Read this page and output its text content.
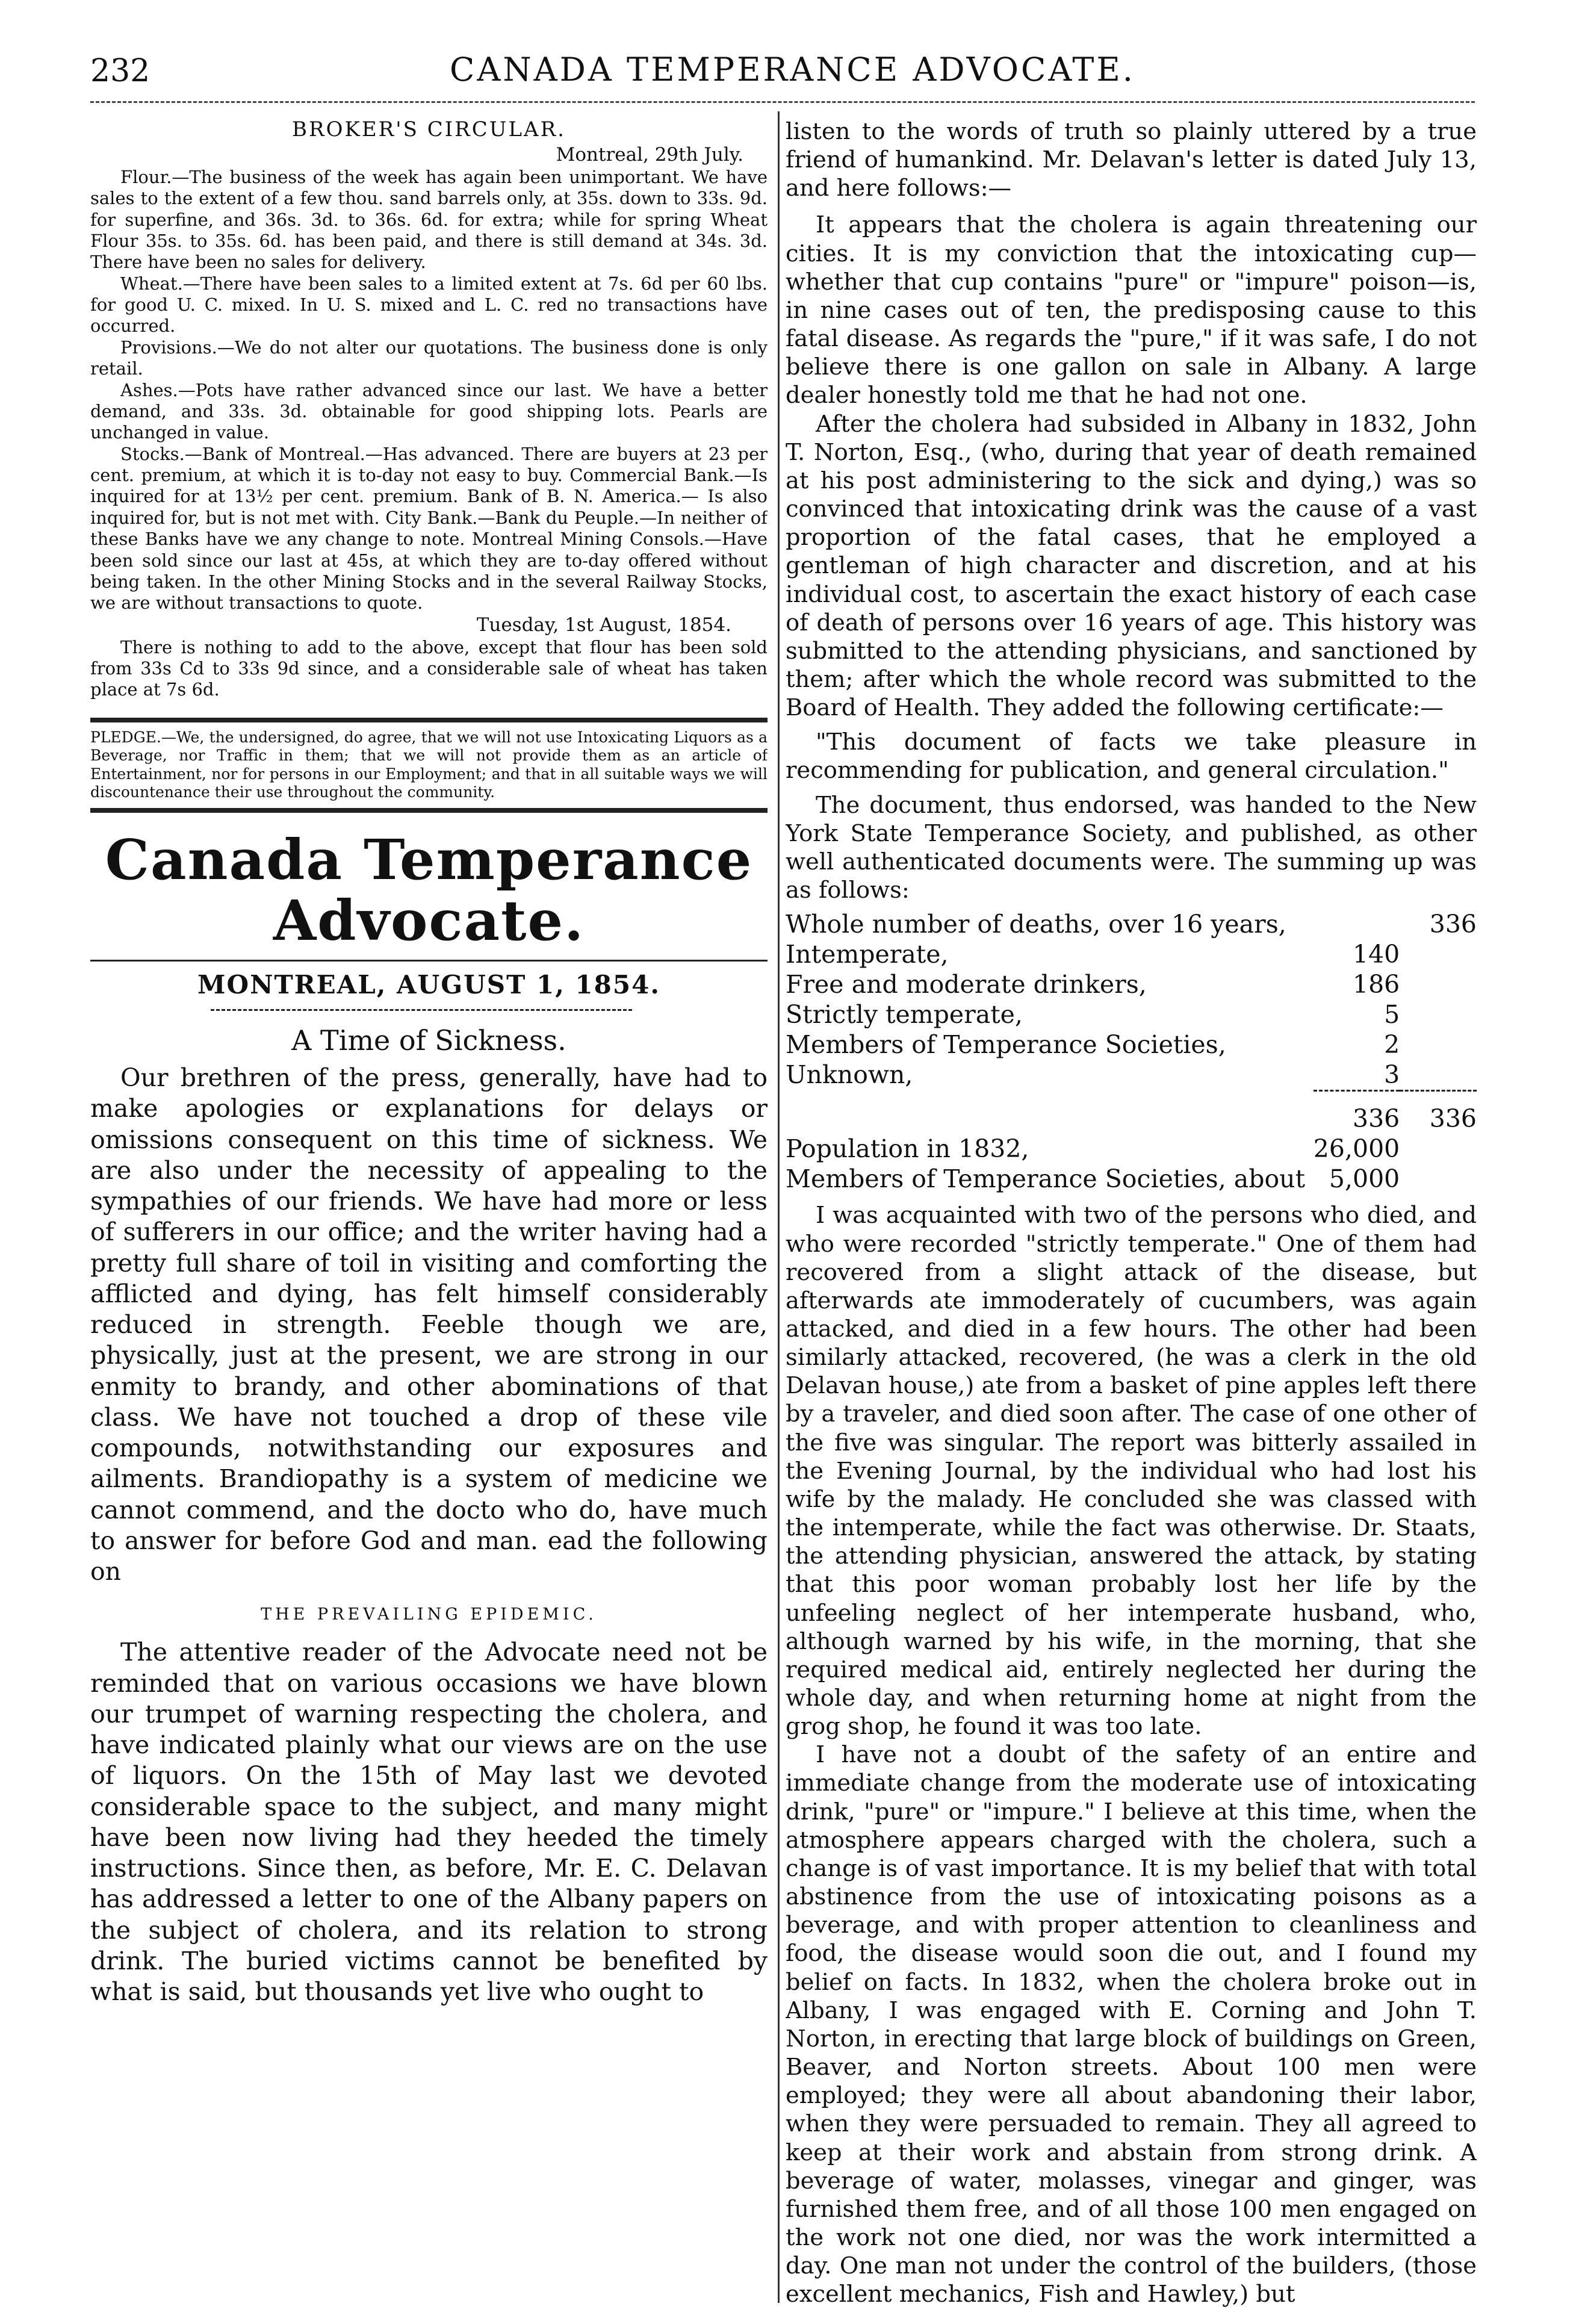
232	CANADA TEMPERANCE ADVOCATE.

BROKER'S CIRCULAR.

Montreal, 29th July.

Flour.—The business of the week has again been unimportant. We have sales to the extent of a few thou. sand barrels only, at 35s. down to 33s. 9d. for superfine, and 36s. 3d. to 36s. 6d. for extra; while for spring Wheat Flour 35s. to 35s. 6d. has been paid, and there is still demand at 34s. 3d. There have been no sales for delivery.

Wheat.—There have been sales to a limited extent at 7s. 6d per 60 lbs. for good U. C. mixed. In U. S. mixed and L. C. red no transactions have occurred.

Provisions.—We do not alter our quotations. The business done is only retail.

Ashes.—Pots have rather advanced since our last. We have a better demand, and 33s. 3d. obtainable for good shipping lots. Pearls are unchanged in value.

Stocks.—Bank of Montreal.—Has advanced. There are buyers at 23 per cent. premium, at which it is to-day not easy to buy. Commercial Bank.—Is inquired for at 13½ per cent. premium. Bank of B. N. America.— Is also inquired for, but is not met with. City Bank.—Bank du Peuple.—In neither of these Banks have we any change to note. Montreal Mining Consols.—Have been sold since our last at 45s, at which they are to-day offered without being taken. In the other Mining Stocks and in the several Railway Stocks, we are without transactions to quote.

Tuesday, 1st August, 1854.

There is nothing to add to the above, except that flour has been sold from 33s Cd to 33s 9d since, and a considerable sale of wheat has taken place at 7s 6d.

PLEDGE.—We, the undersigned, do agree, that we will not use Intoxicating Liquors as a Beverage, nor Traffic in them; that we will not provide them as an article of Entertainment, nor for persons in our Employment; and that in all suitable ways we will discountenance their use throughout the community.

Canada Temperance Advocate.

MONTREAL, AUGUST 1, 1854.

A Time of Sickness.

Our brethren of the press, generally, have had to make apologies or explanations for delays or omissions consequent on this time of sickness. We are also under the necessity of appealing to the sympathies of our friends. We have had more or less of sufferers in our office; and the writer having had a pretty full share of toil in visiting and comforting the afflicted and dying, has felt himself considerably reduced in strength. Feeble though we are, physically, just at the present, we are strong in our enmity to brandy, and other abominations of that class. We have not touched a drop of these vile compounds, notwithstanding our exposures and ailments. Brandiopathy is a system of medicine we cannot commend, and the docto who do, have much to answer for before God and man. ead the following on

THE PREVAILING EPIDEMIC.

The attentive reader of the Advocate need not be reminded that on various occasions we have blown our trumpet of warning respecting the cholera, and have indicated plainly what our views are on the use of liquors. On the 15th of May last we devoted considerable space to the subject, and many might have been now living had they heeded the timely instructions. Since then, as before, Mr. E. C. Delavan has addressed a letter to one of the Albany papers on the subject of cholera, and its relation to strong drink. The buried victims cannot be benefited by what is said, but thousands yet live who ought to

listen to the words of truth so plainly uttered by a true friend of humankind. Mr. Delavan's letter is dated July 13, and here follows:—

It appears that the cholera is again threatening our cities. It is my conviction that the intoxicating cup—whether that cup contains "pure" or "impure" poison—is, in nine cases out of ten, the predisposing cause to this fatal disease. As regards the "pure," if it was safe, I do not believe there is one gallon on sale in Albany. A large dealer honestly told me that he had not one.

After the cholera had subsided in Albany in 1832, John T. Norton, Esq., (who, during that year of death remained at his post administering to the sick and dying,) was so convinced that intoxicating drink was the cause of a vast proportion of the fatal cases, that he employed a gentleman of high character and discretion, and at his individual cost, to ascertain the exact history of each case of death of persons over 16 years of age. This history was submitted to the attending physicians, and sanctioned by them; after which the whole record was submitted to the Board of Health. They added the following certificate:—

"This document of facts we take pleasure in recommending for publication, and general circulation."

The document, thus endorsed, was handed to the New York State Temperance Society, and published, as other well authenticated documents were. The summing up was as follows:

Whole number of deaths, over 16 years,		336
Intemperate,	140	
Free and moderate drinkers,	186	
Strictly temperate,	5	
Members of Temperance Societies,	2	
Unknown,	3	
	336	336
Population in 1832,	26,000	
Members of Temperance Societies, about	5,000	

I was acquainted with two of the persons who died, and who were recorded "strictly temperate." One of them had recovered from a slight attack of the disease, but afterwards ate immoderately of cucumbers, was again attacked, and died in a few hours. The other had been similarly attacked, recovered, (he was a clerk in the old Delavan house,) ate from a basket of pine apples left there by a traveler, and died soon after. The case of one other of the five was singular. The report was bitterly assailed in the Evening Journal, by the individual who had lost his wife by the malady. He concluded she was classed with the intemperate, while the fact was otherwise. Dr. Staats, the attending physician, answered the attack, by stating that this poor woman probably lost her life by the unfeeling neglect of her intemperate husband, who, although warned by his wife, in the morning, that she required medical aid, entirely neglected her during the whole day, and when returning home at night from the grog shop, he found it was too late.

I have not a doubt of the safety of an entire and immediate change from the moderate use of intoxicating drink, "pure" or "impure." I believe at this time, when the atmosphere appears charged with the cholera, such a change is of vast importance. It is my belief that with total abstinence from the use of intoxicating poisons as a beverage, and with proper attention to cleanliness and food, the disease would soon die out, and I found my belief on facts. In 1832, when the cholera broke out in Albany, I was engaged with E. Corning and John T. Norton, in erecting that large block of buildings on Green, Beaver, and Norton streets. About 100 men were employed; they were all about abandoning their labor, when they were persuaded to remain. They all agreed to keep at their work and abstain from strong drink. A beverage of water, molasses, vinegar and ginger, was furnished them free, and of all those 100 men engaged on the work not one died, nor was the work intermitted a day. One man not under the control of the builders, (those excellent mechanics, Fish and Hawley,) but
